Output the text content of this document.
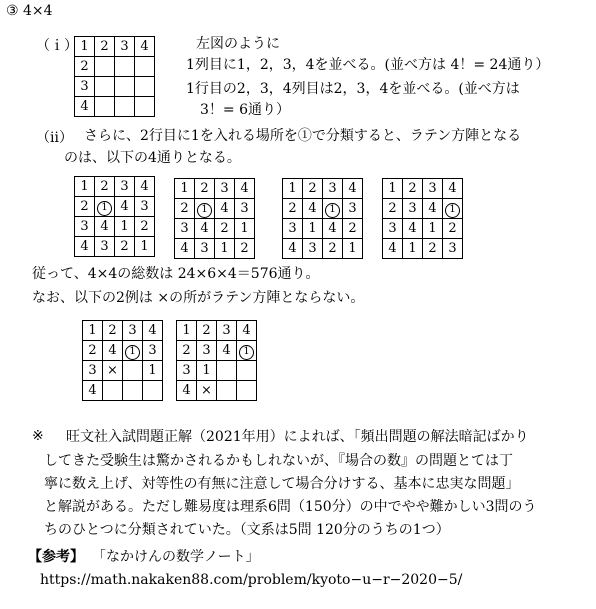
③ 4×4
（ｉ） 1	2	3	4
2			
3			
4			
左図のように
1列目に1，2，3，4を並べる。(並べ方は 4！= 24通り）
1行目の2，3，4列目は2，3，4を並べる。(並べ方は
3！= 6通り）
（ⅱ） さらに、2行目に1を入れる場所を①で分類すると、ラテン方陣となる
のは、以下の4通りとなる。
1	2	3	4
2	1	4	3
3	4	1	2
4	3	2	1
1	2	3	4
2	1	4	3
3	4	2	1
4	3	1	2
1	2	3	4
2	4	1	3
3	1	4	2
4	3	2	1
1	2	3	4
2	3	4	1
3	4	1	2
4	1	2	3
従って、4×4の総数は 24×6×4＝576通り。
なお、以下の2例は ×の所がラテン方陣とならない。
1	2	3	4
2	4	1	3
3	×		1
4			
1	2	3	4
2	3	4	1
3	1		
4	×		
※ 旺文社入試問題正解（2021年用）によれば、「頻出問題の解法暗記ばかり
してきた受験生は驚かされるかもしれないが、『場合の数』の問題とては丁
寧に数え上げ、対等性の有無に注意して場合分けする、基本に忠実な問題」
と解説がある。ただし難易度は理系6問（150分）の中でやや難かしい3問のう
ちのひとつに分類されていた。（文系は5問 120分のうちの1つ）
【参考】 「なかけんの数学ノート」
https://math.nakaken88.com/problem/kyoto−u−r−2020−5/
